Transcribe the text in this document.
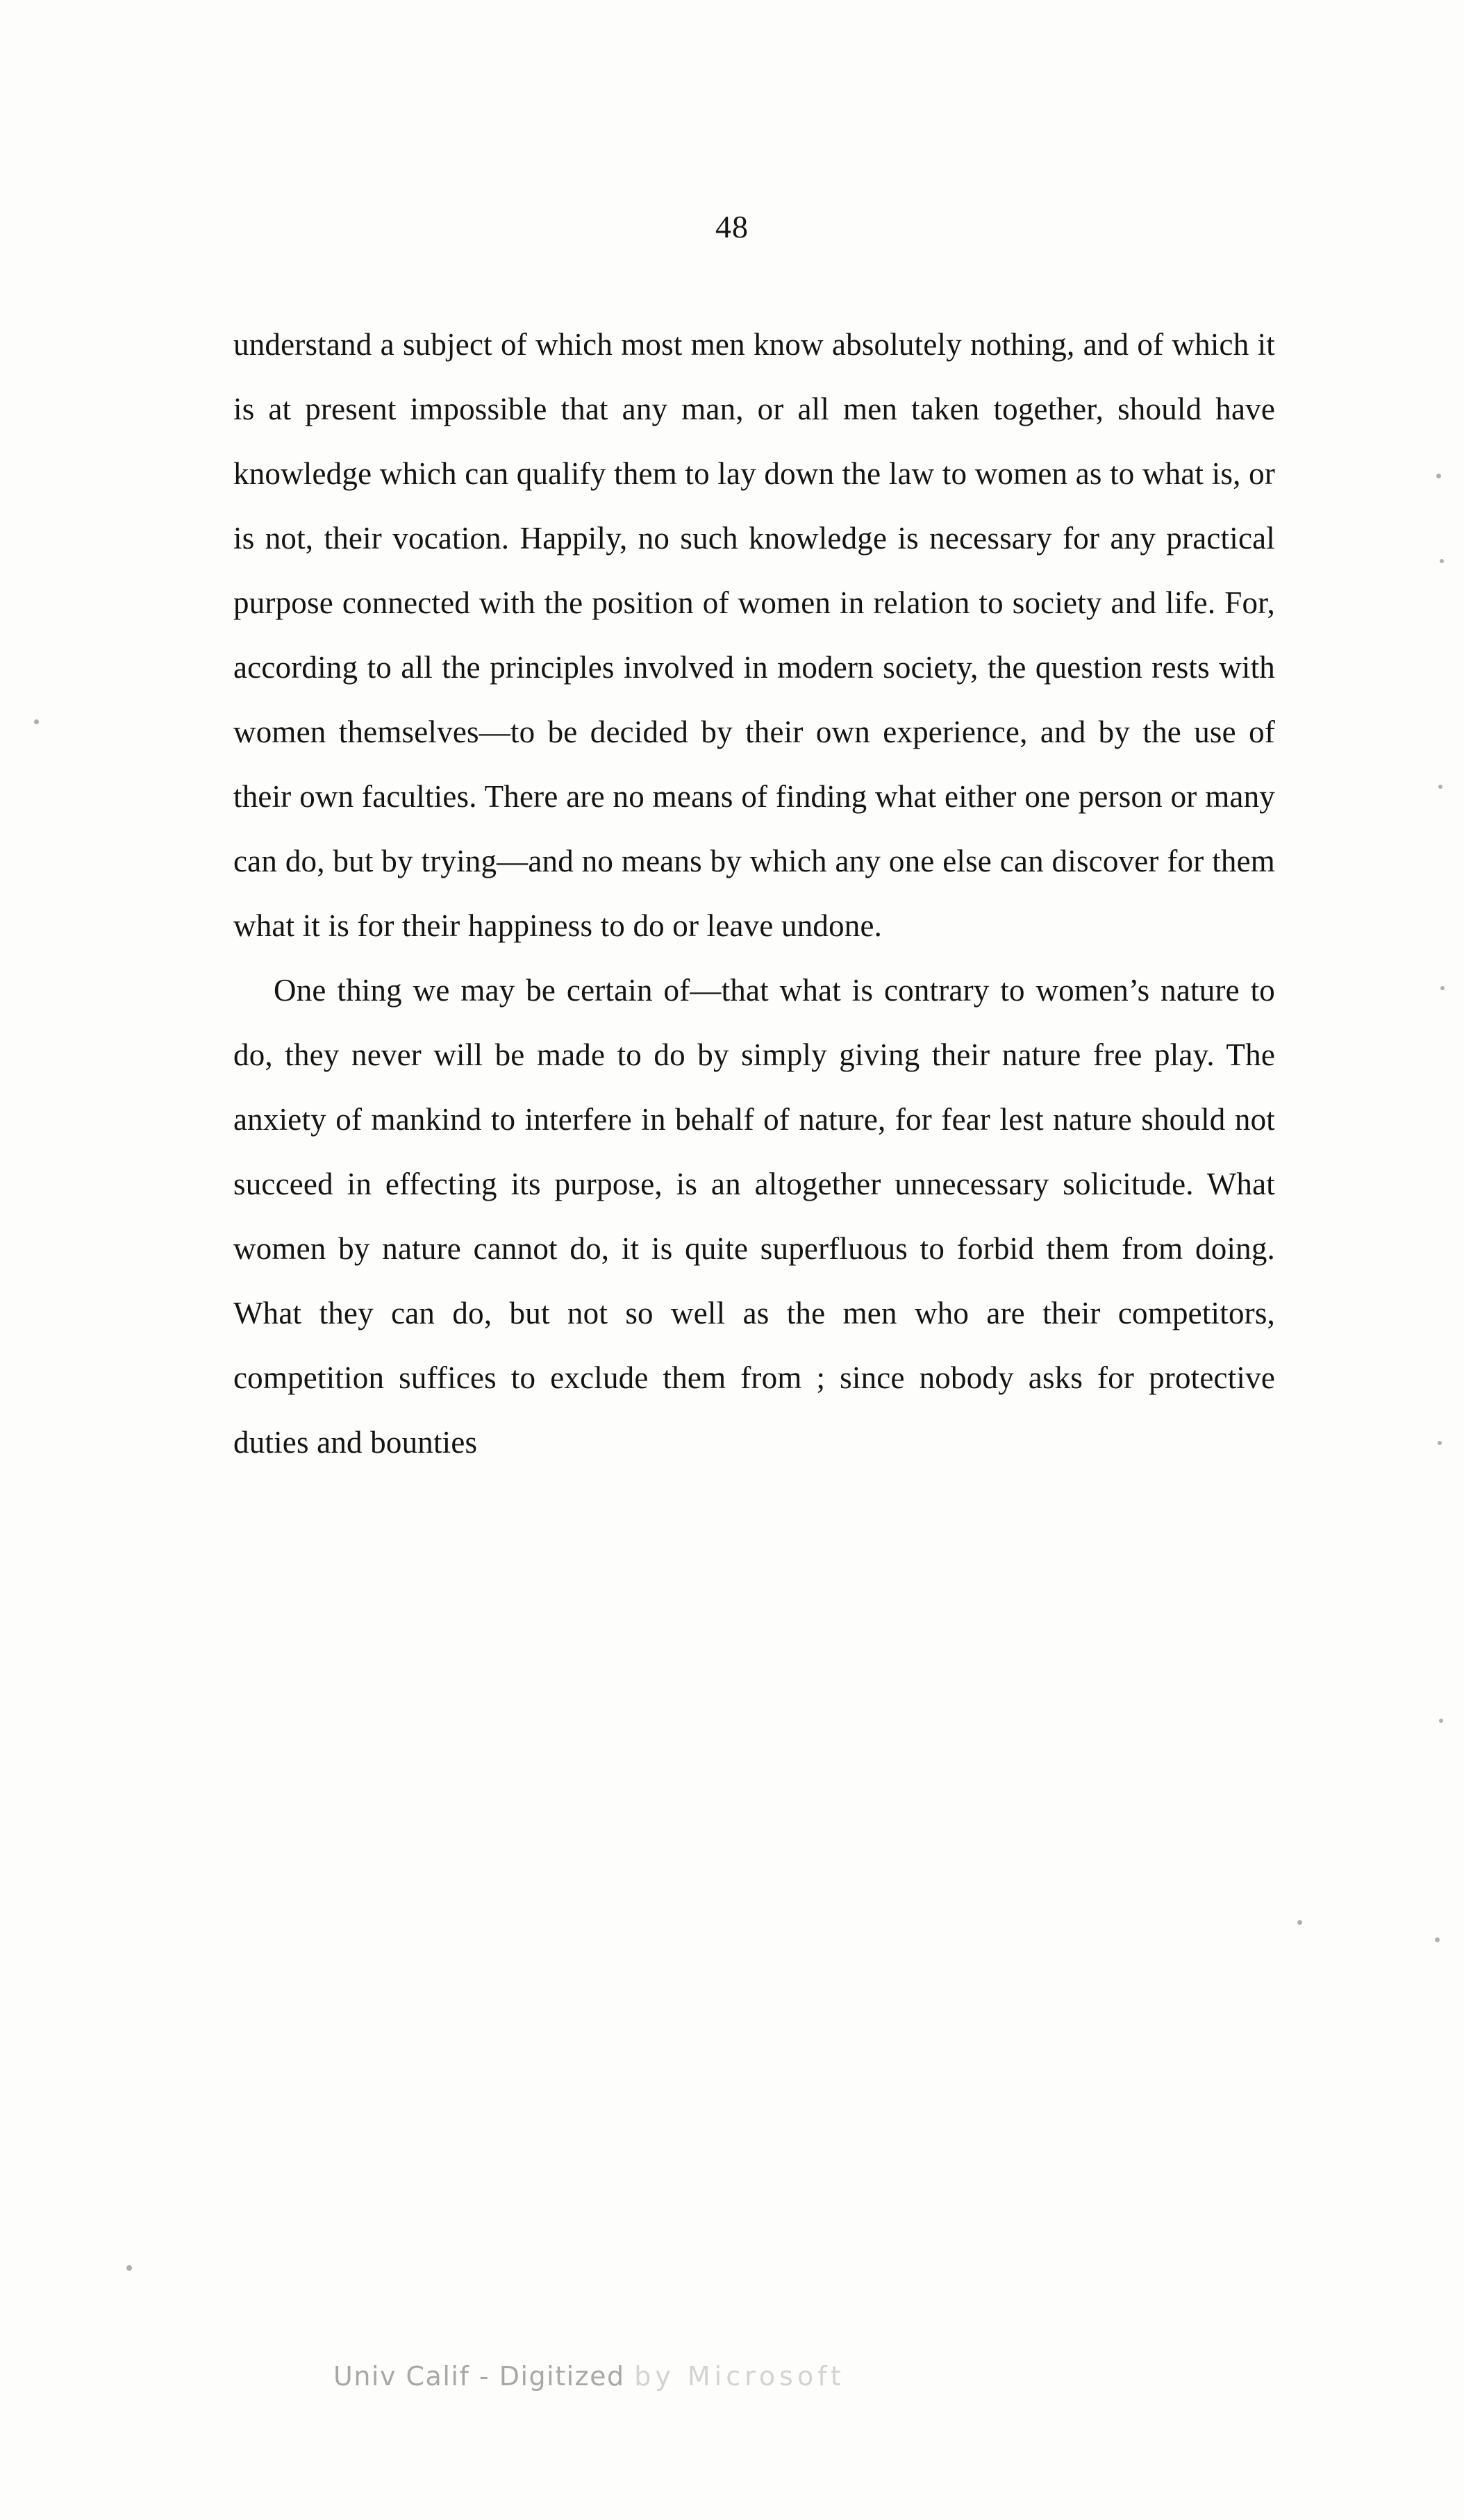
48

understand a subject of which most men know absolutely nothing, and of which it is at present impossible that any man, or all men taken together, should have knowledge which can qualify them to lay down the law to women as to what is, or is not, their vocation. Happily, no such knowledge is necessary for any practical purpose connected with the position of women in relation to society and life. For, according to all the principles involved in modern society, the question rests with women themselves—to be decided by their own experience, and by the use of their own faculties. There are no means of finding what either one person or many can do, but by trying—and no means by which any one else can discover for them what it is for their happiness to do or leave undone.

One thing we may be certain of—that what is contrary to women’s nature to do, they never will be made to do by simply giving their nature free play. The anxiety of mankind to interfere in behalf of nature, for fear lest nature should not succeed in effecting its purpose, is an altogether unnecessary solicitude. What women by nature cannot do, it is quite superfluous to forbid them from doing. What they can do, but not so well as the men who are their competitors, competition suffices to exclude them from ; since nobody asks for protective duties and bounties

Univ Calif - Digitized by Microsoft
